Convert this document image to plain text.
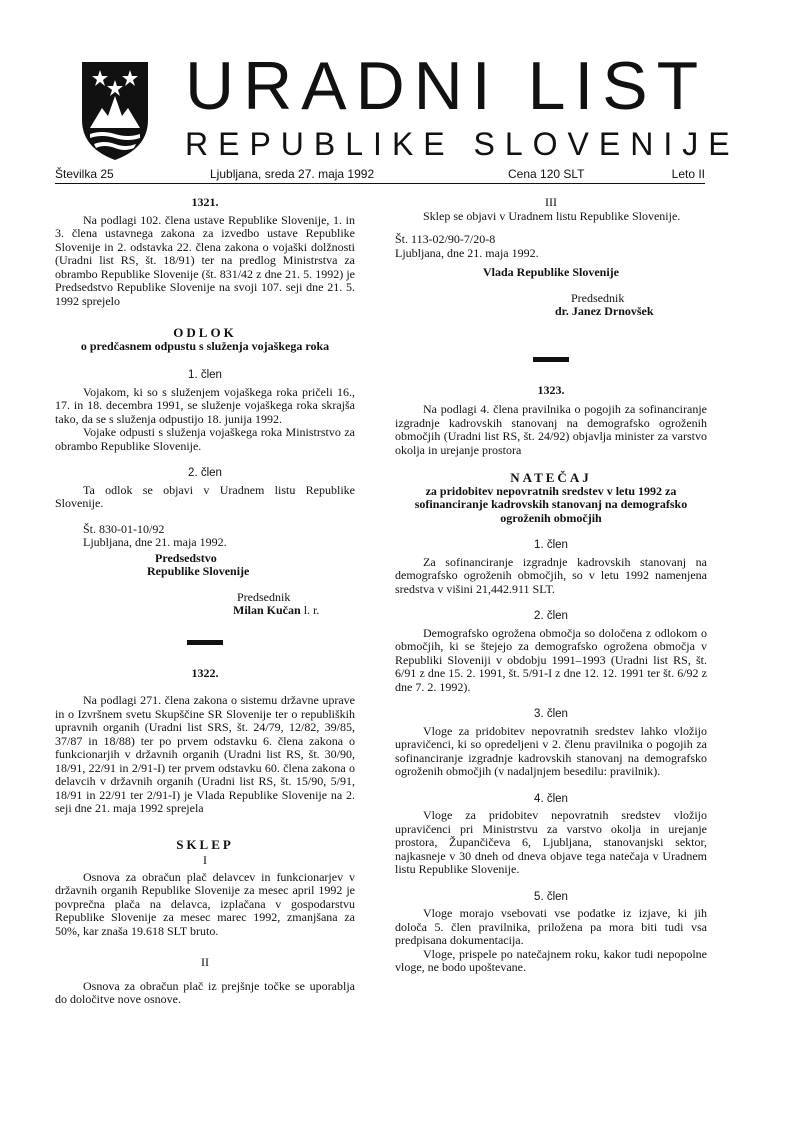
URADNI LIST
REPUBLIKE SLOVENIJE
Številka 25	Ljubljana, sreda 27. maja 1992	Cena 120 SLT	Leto II

1321.

Na podlagi 102. člena ustave Republike Slovenije, 1. in 3. člena ustavnega zakona za izvedbo ustave Republike Slovenije in 2. odstavka 22. člena zakona o vojaški dolžnosti (Uradni list RS, št. 18/91) ter na predlog Ministrstva za obrambo Republike Slovenije (št. 831/42 z dne 21. 5. 1992) je Predsedstvo Republike Slovenije na svoji 107. seji dne 21. 5. 1992 sprejelo

ODLOK

o predčasnem odpustu s služenja vojaškega roka

1. člen

Vojakom, ki so s služenjem vojaškega roka pričeli 16., 17. in 18. decembra 1991, se služenje vojaškega roka skrajša tako, da se s služenja odpustijo 18. junija 1992.

Vojake odpusti s služenja vojaškega roka Ministrstvo za obrambo Republike Slovenije.

2. člen

Ta odlok se objavi v Uradnem listu Republike Slovenije.

Št. 830-01-10/92

Ljubljana, dne 21. maja 1992.

Predsedstvo

Republike Slovenije

Predsednik

Milan Kučan l. r.

1322.

Na podlagi 271. člena zakona o sistemu državne uprave in o Izvršnem svetu Skupščine SR Slovenije ter o republiških upravnih organih (Uradni list SRS, št. 24/79, 12/82, 39/85, 37/87 in 18/88) ter po prvem odstavku 6. člena zakona o funkcionarjih v državnih organih (Uradni list RS, št. 30/90, 18/91, 22/91 in 2/91-I) ter prvem odstavku 60. člena zakona o delavcih v državnih organih (Uradni list RS, št. 15/90, 5/91, 18/91 in 22/91 ter 2/91-I) je Vlada Republike Slovenije na 2. seji dne 21. maja 1992 sprejela

SKLEP

I

Osnova za obračun plač delavcev in funkcionarjev v državnih organih Republike Slovenije za mesec april 1992 je povprečna plača na delavca, izplačana v gospodarstvu Republike Slovenije za mesec marec 1992, zmanjšana za 50%, kar znaša 19.618 SLT bruto.

II

Osnova za obračun plač iz prejšnje točke se uporablja do določitve nove osnove.

III

Sklep se objavi v Uradnem listu Republike Slovenije.

Št. 113-02/90-7/20-8

Ljubljana, dne 21. maja 1992.

Vlada Republike Slovenije

Predsednik

dr. Janez Drnovšek

1323.

Na podlagi 4. člena pravilnika o pogojih za sofinanciranje izgradnje kadrovskih stanovanj na demografsko ogroženih območjih (Uradni list RS, št. 24/92) objavlja minister za varstvo okolja in urejanje prostora

NATEČAJ

za pridobitev nepovratnih sredstev v letu 1992 za sofinanciranje kadrovskih stanovanj na demografsko ogroženih območjih

1. člen

Za sofinanciranje izgradnje kadrovskih stanovanj na demografsko ogroženih območjih, so v letu 1992 namenjena sredstva v višini 21,442.911 SLT.

2. člen

Demografsko ogrožena območja so določena z odlokom o območjih, ki se štejejo za demografsko ogrožena območja v Republiki Sloveniji v obdobju 1991–1993 (Uradni list RS, št. 6/91 z dne 15. 2. 1991, št. 5/91-I z dne 12. 12. 1991 ter št. 6/92 z dne 7. 2. 1992).

3. člen

Vloge za pridobitev nepovratnih sredstev lahko vložijo upravičenci, ki so opredeljeni v 2. členu pravilnika o pogojih za sofinanciranje izgradnje kadrovskih stanovanj na demografsko ogroženih območjih (v nadaljnjem besedilu: pravilnik).

4. člen

Vloge za pridobitev nepovratnih sredstev vložijo upravičenci pri Ministrstvu za varstvo okolja in urejanje prostora, Župančičeva 6, Ljubljana, stanovanjski sektor, najkasneje v 30 dneh od dneva objave tega natečaja v Uradnem listu Republike Slovenije.

5. člen

Vloge morajo vsebovati vse podatke iz izjave, ki jih določa 5. člen pravilnika, priložena pa mora biti tudi vsa predpisana dokumentacija.

Vloge, prispele po natečajnem roku, kakor tudi nepopolne vloge, ne bodo upoštevane.
